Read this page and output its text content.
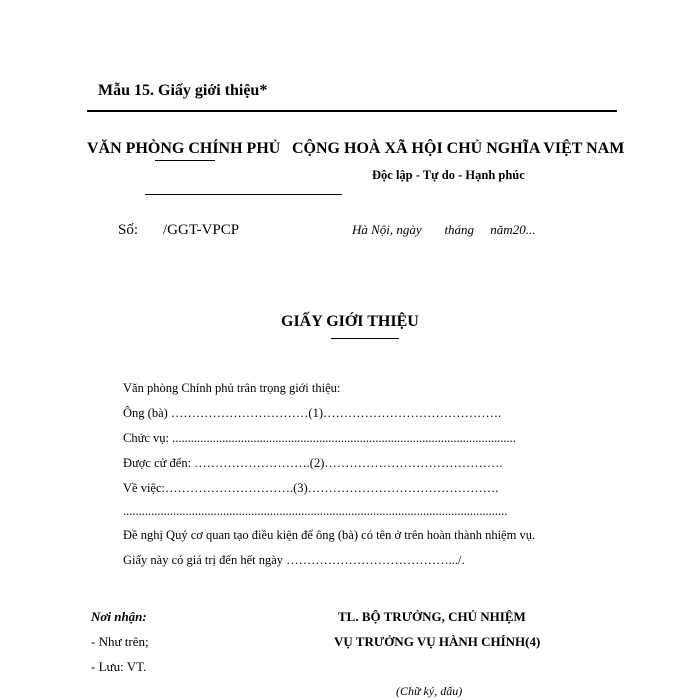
Mẫu 15. Giấy giới thiệu*
VĂN PHÒNG CHÍNH PHỦ CỘNG HOÀ XÃ HỘI CHỦ NGHĨA VIỆT NAM
Độc lập - Tự do - Hạnh phúc
Số: /GGT-VPCP	Hà Nội, ngày       tháng     năm20...
GIẤY GIỚI THIỆU
Văn phòng Chính phủ trân trọng giới thiệu:
Ông (bà) ……………………………(1)…………………………………….
Chức vụ: ..............................................................................................................
Được cử đến: ……………………….(2)…………………………………….
Về việc:………………………….(3)……………………………………….
...........................................................................................................................
Đề nghị Quý cơ quan tạo điều kiện để ông (bà) có tên ở trên hoàn thành nhiệm vụ.
Giấy này có giá trị đến hết ngày ………………………………….../.
Nơi nhận:
- Như trên;
- Lưu: VT.
TL. BỘ TRƯỞNG, CHỦ NHIỆM
VỤ TRƯỞNG VỤ HÀNH CHÍNH(4)
(Chữ ký, dấu)
